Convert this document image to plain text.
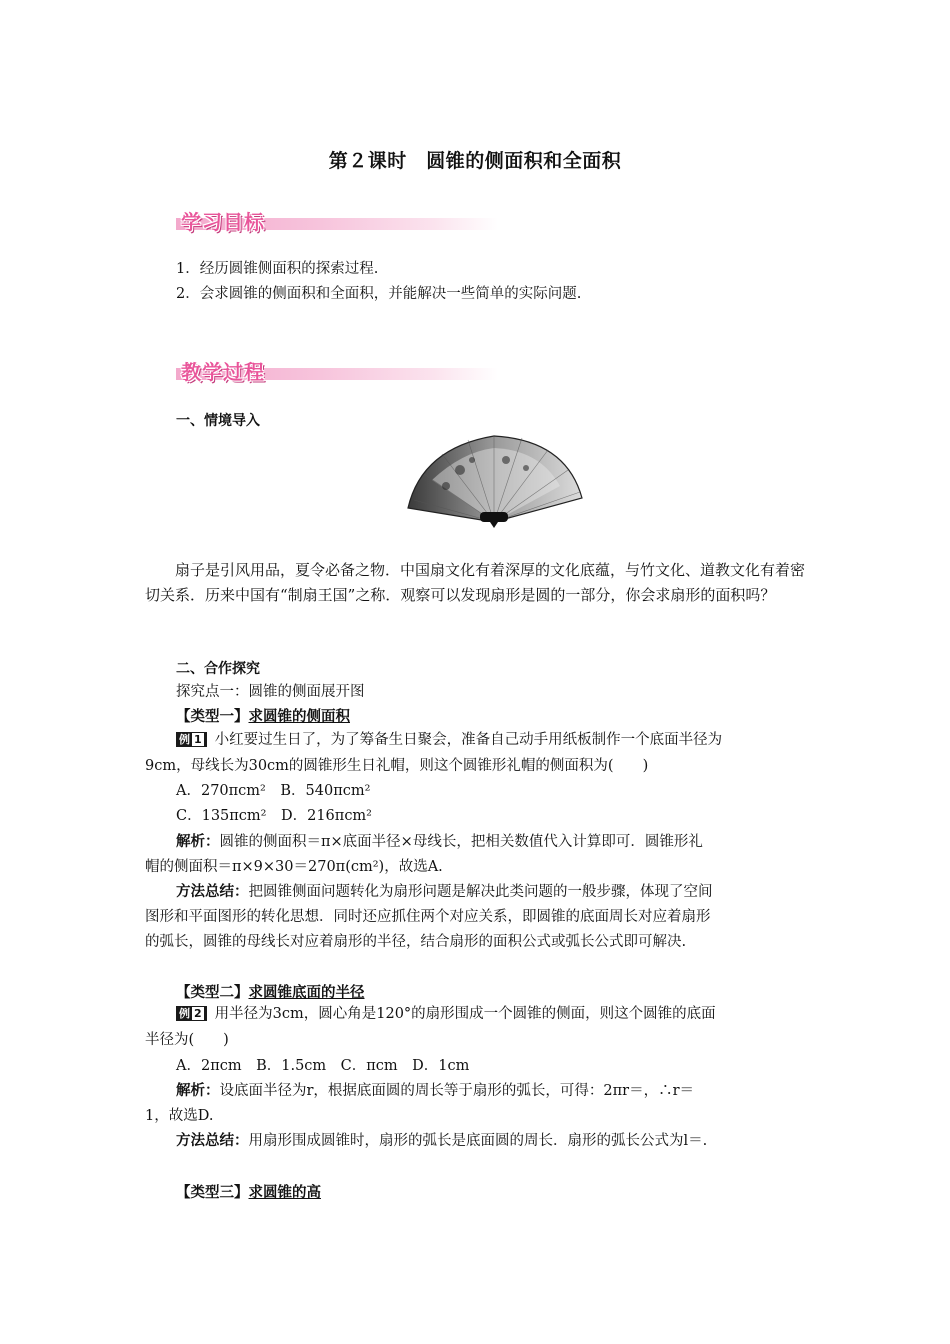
第２课时　圆锥的侧面积和全面积
学习目标
1．经历圆锥侧面积的探索过程.
2．会求圆锥的侧面积和全面积，并能解决一些简单的实际问题.
教学过程
一、情境导入
扇子是引风用品，夏令必备之物．中国扇文化有着深厚的文化底蕴，与竹文化、道教文化有着密切关系．历来中国有“制扇王国”之称．观察可以发现扇形是圆的一部分，你会求扇形的面积吗？
二、合作探究
探究点一：圆锥的侧面展开图
【类型一】求圆锥的侧面积
例 1 小红要过生日了，为了筹备生日聚会，准备自己动手用纸板制作一个底面半径为
9cm，母线长为30cm的圆锥形生日礼帽，则这个圆锥形礼帽的侧面积为(　　)
A．270πcm²　B．540πcm²
C．135πcm²　D．216πcm²
解析：圆锥的侧面积＝π×底面半径×母线长，把相关数值代入计算即可．圆锥形礼
帽的侧面积＝π×9×30＝270π(cm²)，故选A.
方法总结：把圆锥侧面问题转化为扇形问题是解决此类问题的一般步骤，体现了空间
图形和平面图形的转化思想．同时还应抓住两个对应关系，即圆锥的底面周长对应着扇形
的弧长，圆锥的母线长对应着扇形的半径，结合扇形的面积公式或弧长公式即可解决.
【类型二】求圆锥底面的半径
例 2 用半径为3cm，圆心角是120°的扇形围成一个圆锥的侧面，则这个圆锥的底面
半径为(　　)
A．2πcm　B．1.5cm　C．πcm　D．1cm
解析：设底面半径为r，根据底面圆的周长等于扇形的弧长，可得：2πr＝，∴r＝
1，故选D.
方法总结：用扇形围成圆锥时，扇形的弧长是底面圆的周长．扇形的弧长公式为l＝.
【类型三】求圆锥的高
